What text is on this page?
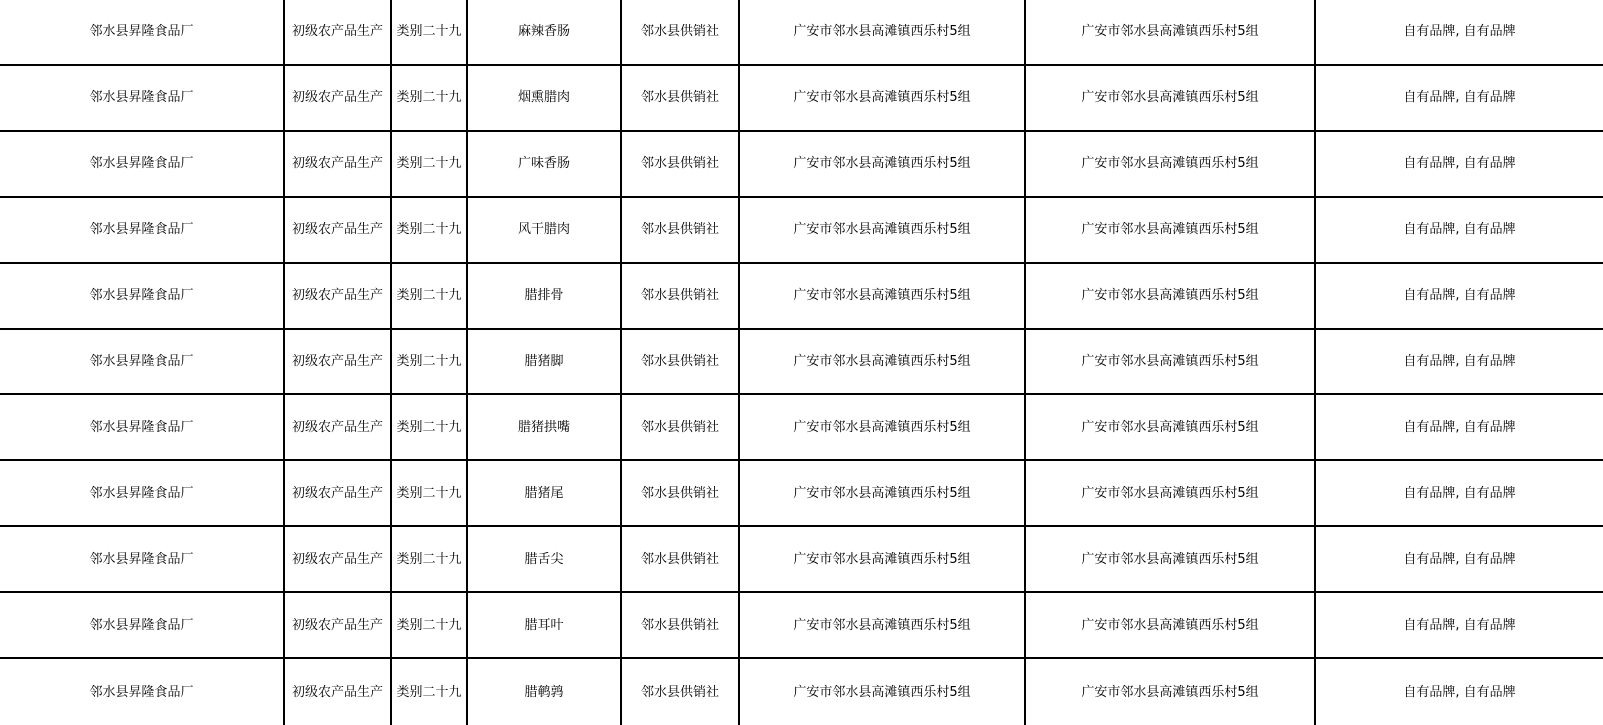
邻水县昇隆食品厂	初级农产品生产	类别二十九	麻辣香肠	邻水县供销社	广安市邻水县高滩镇西乐村5组	广安市邻水县高滩镇西乐村5组	自有品牌, 自有品牌
邻水县昇隆食品厂	初级农产品生产	类别二十九	烟熏腊肉	邻水县供销社	广安市邻水县高滩镇西乐村5组	广安市邻水县高滩镇西乐村5组	自有品牌, 自有品牌
邻水县昇隆食品厂	初级农产品生产	类别二十九	广味香肠	邻水县供销社	广安市邻水县高滩镇西乐村5组	广安市邻水县高滩镇西乐村5组	自有品牌, 自有品牌
邻水县昇隆食品厂	初级农产品生产	类别二十九	风干腊肉	邻水县供销社	广安市邻水县高滩镇西乐村5组	广安市邻水县高滩镇西乐村5组	自有品牌, 自有品牌
邻水县昇隆食品厂	初级农产品生产	类别二十九	腊排骨	邻水县供销社	广安市邻水县高滩镇西乐村5组	广安市邻水县高滩镇西乐村5组	自有品牌, 自有品牌
邻水县昇隆食品厂	初级农产品生产	类别二十九	腊猪脚	邻水县供销社	广安市邻水县高滩镇西乐村5组	广安市邻水县高滩镇西乐村5组	自有品牌, 自有品牌
邻水县昇隆食品厂	初级农产品生产	类别二十九	腊猪拱嘴	邻水县供销社	广安市邻水县高滩镇西乐村5组	广安市邻水县高滩镇西乐村5组	自有品牌, 自有品牌
邻水县昇隆食品厂	初级农产品生产	类别二十九	腊猪尾	邻水县供销社	广安市邻水县高滩镇西乐村5组	广安市邻水县高滩镇西乐村5组	自有品牌, 自有品牌
邻水县昇隆食品厂	初级农产品生产	类别二十九	腊舌尖	邻水县供销社	广安市邻水县高滩镇西乐村5组	广安市邻水县高滩镇西乐村5组	自有品牌, 自有品牌
邻水县昇隆食品厂	初级农产品生产	类别二十九	腊耳叶	邻水县供销社	广安市邻水县高滩镇西乐村5组	广安市邻水县高滩镇西乐村5组	自有品牌, 自有品牌
邻水县昇隆食品厂	初级农产品生产	类别二十九	腊鹌鹑	邻水县供销社	广安市邻水县高滩镇西乐村5组	广安市邻水县高滩镇西乐村5组	自有品牌, 自有品牌
